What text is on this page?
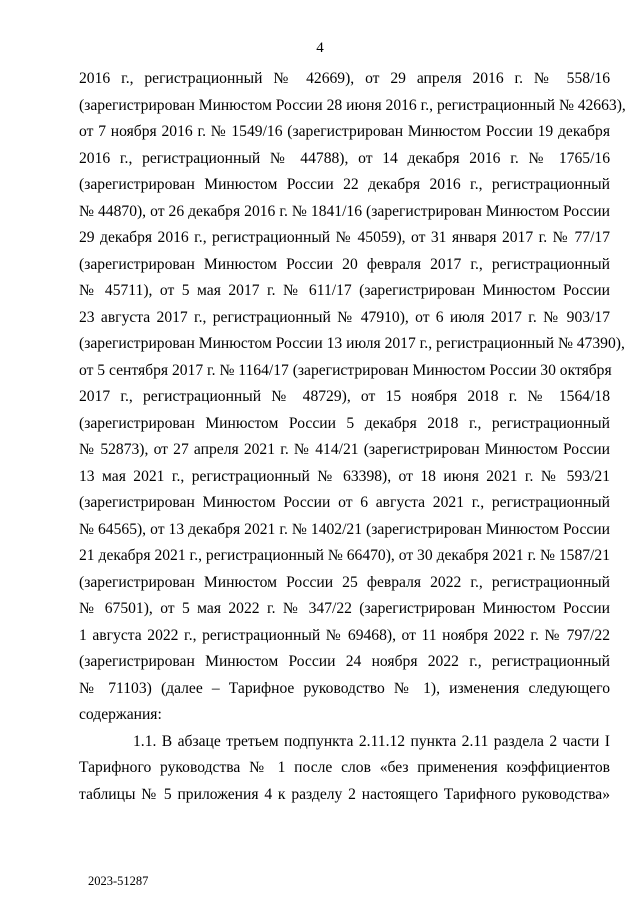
4
2016 г., регистрационный № 42669), от 29 апреля 2016 г. № 558/16
(зарегистрирован Минюстом России 28 июня 2016 г., регистрационный № 42663),
от 7 ноября 2016 г. № 1549/16 (зарегистрирован Минюстом России 19 декабря
2016 г., регистрационный № 44788), от 14 декабря 2016 г. № 1765/16
(зарегистрирован Минюстом России 22 декабря 2016 г., регистрационный
№ 44870), от 26 декабря 2016 г. № 1841/16 (зарегистрирован Минюстом России
29 декабря 2016 г., регистрационный № 45059), от 31 января 2017 г. № 77/17
(зарегистрирован Минюстом России 20 февраля 2017 г., регистрационный
№ 45711), от 5 мая 2017 г. № 611/17 (зарегистрирован Минюстом России
23 августа 2017 г., регистрационный № 47910), от 6 июля 2017 г. № 903/17
(зарегистрирован Минюстом России 13 июля 2017 г., регистрационный № 47390),
от 5 сентября 2017 г. № 1164/17 (зарегистрирован Минюстом России 30 октября
2017 г., регистрационный № 48729), от 15 ноября 2018 г. № 1564/18
(зарегистрирован Минюстом России 5 декабря 2018 г., регистрационный
№ 52873), от 27 апреля 2021 г. № 414/21 (зарегистрирован Минюстом России
13 мая 2021 г., регистрационный № 63398), от 18 июня 2021 г. № 593/21
(зарегистрирован Минюстом России от 6 августа 2021 г., регистрационный
№ 64565), от 13 декабря 2021 г. № 1402/21 (зарегистрирован Минюстом России
21 декабря 2021 г., регистрационный № 66470), от 30 декабря 2021 г. № 1587/21
(зарегистрирован Минюстом России 25 февраля 2022 г., регистрационный
№ 67501), от 5 мая 2022 г. № 347/22 (зарегистрирован Минюстом России
1 августа 2022 г., регистрационный № 69468), от 11 ноября 2022 г. № 797/22
(зарегистрирован Минюстом России 24 ноября 2022 г., регистрационный
№ 71103) (далее – Тарифное руководство № 1), изменения следующего
содержания:
1.1. В абзаце третьем подпункта 2.11.12 пункта 2.11 раздела 2 части I
Тарифного руководства № 1 после слов «без применения коэффициентов
таблицы № 5 приложения 4 к разделу 2 настоящего Тарифного руководства»
2023-51287
